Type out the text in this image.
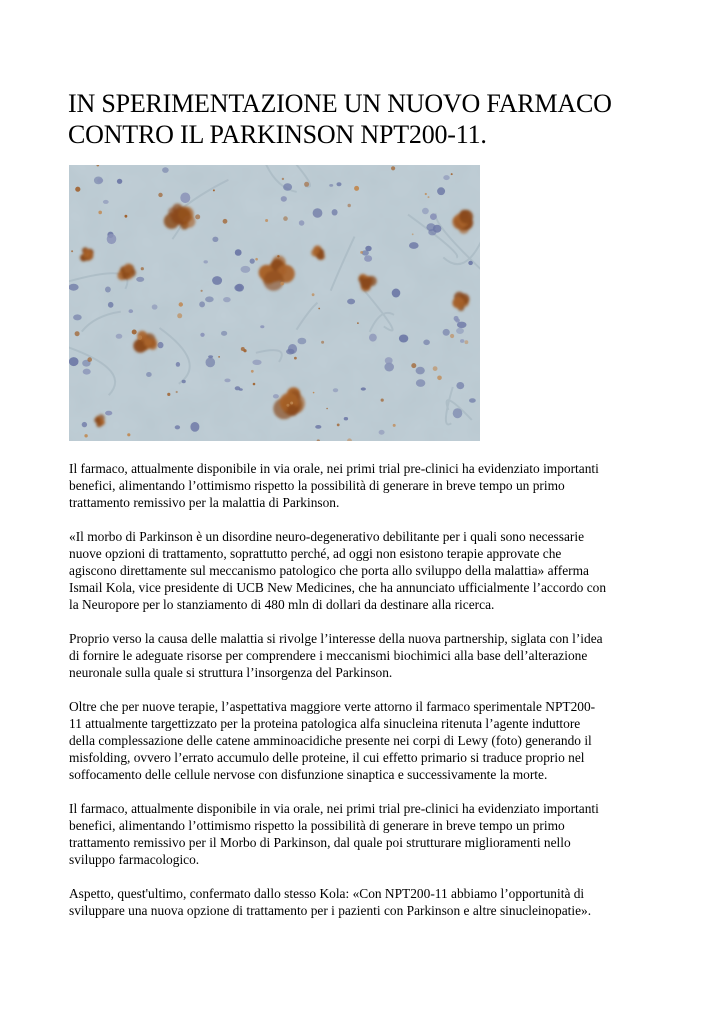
IN SPERIMENTAZIONE UN NUOVO FARMACO
CONTRO IL PARKINSON NPT200-11.

Il farmaco, attualmente disponibile in via orale, nei primi trial pre-clinici ha evidenziato importanti
benefici, alimentando l’ottimismo rispetto la possibilità di generare in breve tempo un primo
trattamento remissivo per la malattia di Parkinson.

«Il morbo di Parkinson è un disordine neuro-degenerativo debilitante per i quali sono necessarie
nuove opzioni di trattamento, soprattutto perché, ad oggi non esistono terapie approvate che
agiscono direttamente sul meccanismo patologico che porta allo sviluppo della malattia» afferma
Ismail Kola, vice presidente di UCB New Medicines, che ha annunciato ufficialmente l’accordo con
la Neuropore per lo stanziamento di 480 mln di dollari da destinare alla ricerca.

Proprio verso la causa delle malattia si rivolge l’interesse della nuova partnership, siglata con l’idea
di fornire le adeguate risorse per comprendere i meccanismi biochimici alla base dell’alterazione
neuronale sulla quale si struttura l’insorgenza del Parkinson.

Oltre che per nuove terapie, l’aspettativa maggiore verte attorno il farmaco sperimentale NPT200-
11 attualmente targettizzato per la proteina patologica alfa sinucleina ritenuta l’agente induttore
della complessazione delle catene amminoacidiche presente nei corpi di Lewy (foto) generando il
misfolding, ovvero l’errato accumulo delle proteine, il cui effetto primario si traduce proprio nel
soffocamento delle cellule nervose con disfunzione sinaptica e successivamente la morte.

Il farmaco, attualmente disponibile in via orale, nei primi trial pre-clinici ha evidenziato importanti
benefici, alimentando l’ottimismo rispetto la possibilità di generare in breve tempo un primo
trattamento remissivo per il Morbo di Parkinson, dal quale poi strutturare miglioramenti nello
sviluppo farmacologico.

Aspetto, quest'ultimo, confermato dallo stesso Kola: «Con NPT200-11 abbiamo l’opportunità di
sviluppare una nuova opzione di trattamento per i pazienti con Parkinson e altre sinucleinopatie».
